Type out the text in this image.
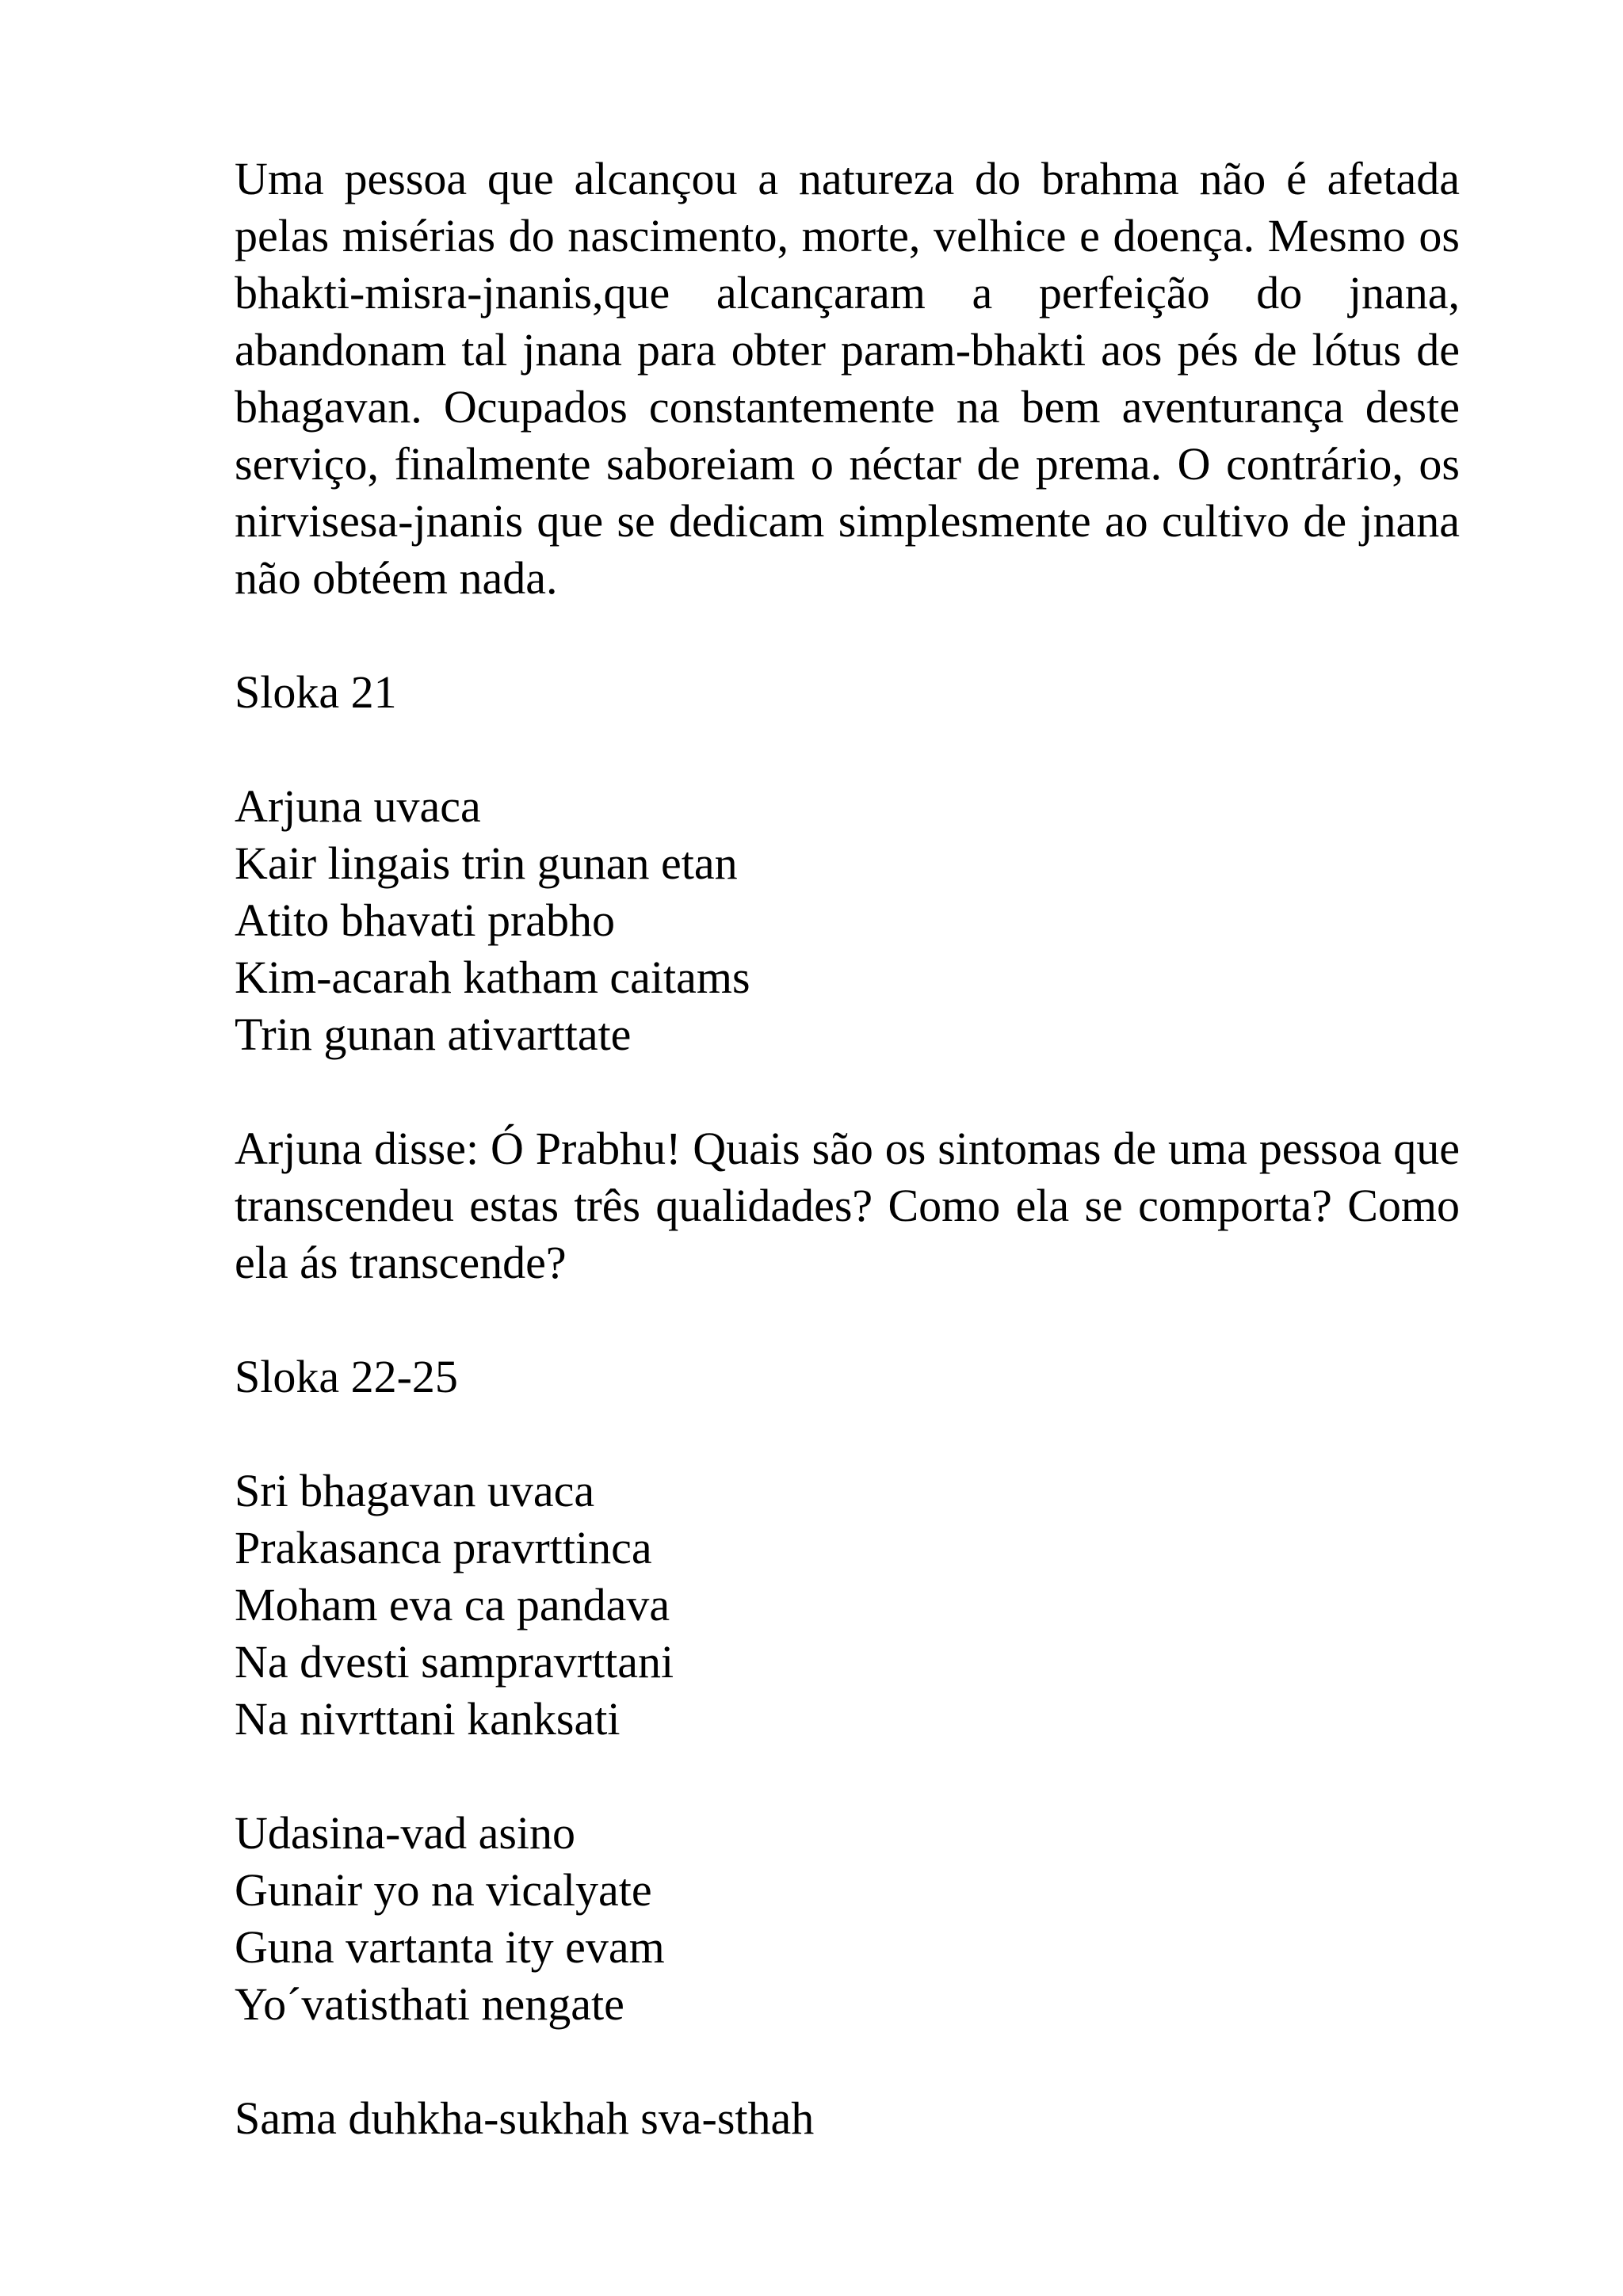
Uma pessoa que alcançou a natureza do brahma não é afetada pelas misérias do nascimento, morte, velhice e doença. Mesmo os bhakti-misra-jnanis,que alcançaram a perfeição do jnana, abandonam tal jnana para obter param-bhakti aos pés de lótus de bhagavan. Ocupados constantemente na bem aventurança deste serviço, finalmente saboreiam o néctar de prema. O contrário, os nirvisesa-jnanis que se dedicam simplesmente ao cultivo de jnana não obtéem nada.

Sloka 21

Arjuna uvaca
Kair lingais trin gunan etan
Atito bhavati prabho
Kim-acarah katham caitams
Trin gunan ativarttate

Arjuna disse: Ó Prabhu! Quais são os sintomas de uma pessoa que transcendeu estas três qualidades? Como ela se comporta? Como ela ás transcende?

Sloka 22-25

Sri bhagavan uvaca
Prakasanca pravrttinca
Moham eva ca pandava
Na dvesti sampravrttani
Na nivrttani kanksati
Udasina-vad asino
Gunair yo na vicalyate
Guna vartanta ity evam
Yo´vatisthati nengate
Sama duhkha-sukhah sva-sthah
